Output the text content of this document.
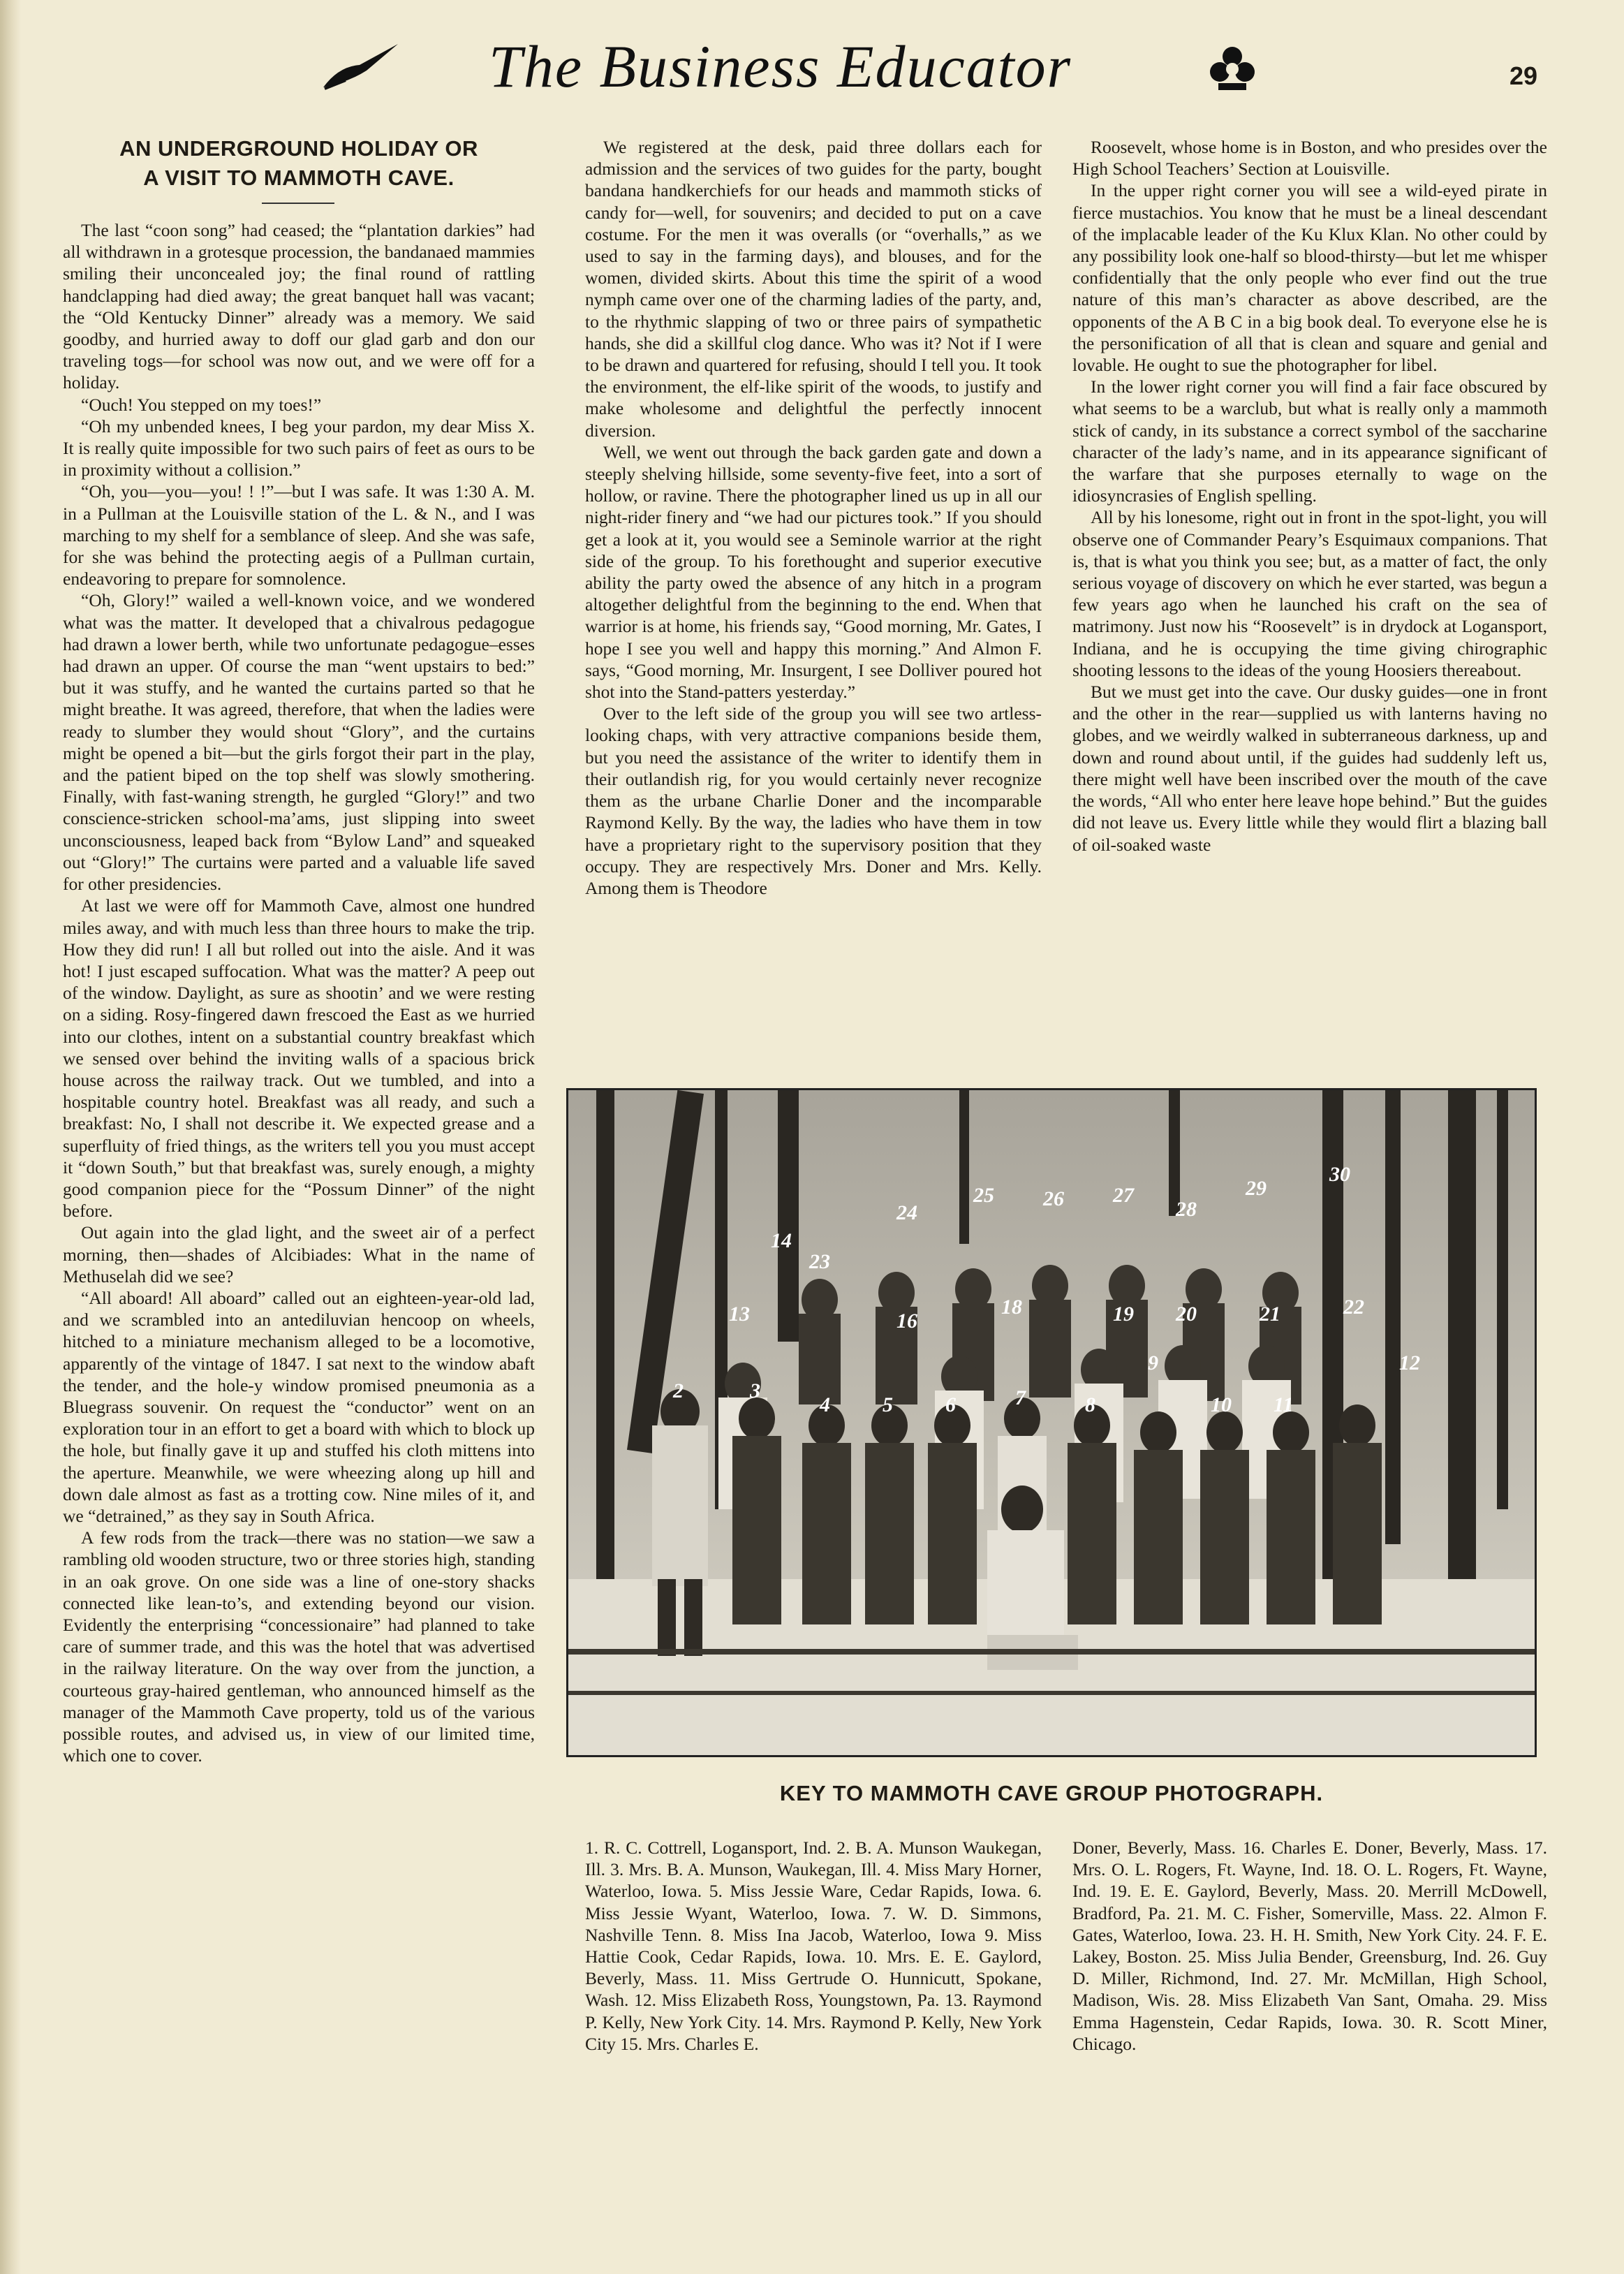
The Business Educator	29
AN UNDERGROUND HOLIDAY OR
A VISIT TO MAMMOTH CAVE.

The last “coon song” had ceased; the “plantation darkies” had all withdrawn in a grotesque procession, the bandanaed mammies smiling their unconcealed joy; the final round of rattling handclapping had died away; the great banquet hall was vacant; the “Old Kentucky Dinner” already was a memory. We said goodby, and hurried away to doff our glad garb and don our traveling togs—for school was now out, and we were off for a holiday.

“Ouch! You stepped on my toes!”

“Oh my unbended knees, I beg your pardon, my dear Miss X. It is really quite impossible for two such pairs of feet as ours to be in proximity without a collision.”

“Oh, you—you—you! ! !”—but I was safe. It was 1:30 A. M. in a Pullman at the Louisville station of the L. & N., and I was marching to my shelf for a semblance of sleep. And she was safe, for she was behind the protecting aegis of a Pullman curtain, endeavoring to prepare for somnolence.

“Oh, Glory!” wailed a well-known voice, and we wondered what was the matter. It developed that a chivalrous pedagogue had drawn a lower berth, while two unfortunate pedagogue–esses had drawn an upper. Of course the man “went upstairs to bed:” but it was stuffy, and he wanted the curtains parted so that he might breathe. It was agreed, therefore, that when the ladies were ready to slumber they would shout “Glory”, and the curtains might be opened a bit—but the girls forgot their part in the play, and the patient biped on the top shelf was slowly smothering. Finally, with fast-waning strength, he gurgled “Glory!” and two conscience-stricken school-ma’ams, just slipping into sweet unconsciousness, leaped back from “Bylow Land” and squeaked out “Glory!” The curtains were parted and a valuable life saved for other presidencies.

At last we were off for Mammoth Cave, almost one hundred miles away, and with much less than three hours to make the trip. How they did run! I all but rolled out into the aisle. And it was hot! I just escaped suffocation. What was the matter? A peep out of the window. Daylight, as sure as shootin’ and we were resting on a siding. Rosy-fingered dawn frescoed the East as we hurried into our clothes, intent on a substantial country breakfast which we sensed over behind the inviting walls of a spacious brick house across the railway track. Out we tumbled, and into a hospitable country hotel. Breakfast was all ready, and such a breakfast: No, I shall not describe it. We expected grease and a superfluity of fried things, as the writers tell you you must accept it “down South,” but that breakfast was, surely enough, a mighty good companion piece for the “Possum Dinner” of the night before.

Out again into the glad light, and the sweet air of a perfect morning, then—shades of Alcibiades: What in the name of Methuselah did we see?

“All aboard! All aboard” called out an eighteen-year-old lad, and we scrambled into an antediluvian hencoop on wheels, hitched to a miniature mechanism alleged to be a locomotive, apparently of the vintage of 1847. I sat next to the window abaft the tender, and the hole-y window promised pneumonia as a Bluegrass souvenir. On request the “conductor” went on an exploration tour in an effort to get a board with which to block up the hole, but finally gave it up and stuffed his cloth mittens into the aperture. Meanwhile, we were wheezing along up hill and down dale almost as fast as a trotting cow. Nine miles of it, and we “detrained,” as they say in South Africa.

A few rods from the track—there was no station—we saw a rambling old wooden structure, two or three stories high, standing in an oak grove. On one side was a line of one-story shacks connected like lean-to’s, and extending beyond our vision. Evidently the enterprising “concessionaire” had planned to take care of summer trade, and this was the hotel that was advertised in the railway literature. On the way over from the junction, a courteous gray-haired gentleman, who announced himself as the manager of the Mammoth Cave property, told us of the various possible routes, and advised us, in view of our limited time, which one to cover.

We registered at the desk, paid three dollars each for admission and the services of two guides for the party, bought bandana handkerchiefs for our heads and mammoth sticks of candy for—well, for souvenirs; and decided to put on a cave costume. For the men it was overalls (or “overhalls,” as we used to say in the farming days), and blouses, and for the women, divided skirts. About this time the spirit of a wood nymph came over one of the charming ladies of the party, and, to the rhythmic slapping of two or three pairs of sympathetic hands, she did a skillful clog dance. Who was it? Not if I were to be drawn and quartered for refusing, should I tell you. It took the environment, the elf-like spirit of the woods, to justify and make wholesome and delightful the perfectly innocent diversion.

Well, we went out through the back garden gate and down a steeply shelving hillside, some seventy-five feet, into a sort of hollow, or ravine. There the photographer lined us up in all our night-rider finery and “we had our pictures took.” If you should get a look at it, you would see a Seminole warrior at the right side of the group. To his forethought and superior executive ability the party owed the absence of any hitch in a program altogether delightful from the beginning to the end. When that warrior is at home, his friends say, “Good morning, Mr. Gates, I hope I see you well and happy this morning.” And Almon F. says, “Good morning, Mr. Insurgent, I see Dolliver poured hot shot into the Stand-patters yesterday.”

Over to the left side of the group you will see two artless-looking chaps, with very attractive companions beside them, but you need the assistance of the writer to identify them in their outlandish rig, for you would certainly never recognize them as the urbane Charlie Doner and the incomparable Raymond Kelly. By the way, the ladies who have them in tow have a proprietary right to the supervisory position that they occupy. They are respectively Mrs. Doner and Mrs. Kelly. Among them is Theodore

Roosevelt, whose home is in Boston, and who presides over the High School Teachers’ Section at Louisville.

In the upper right corner you will see a wild-eyed pirate in fierce mustachios. You know that he must be a lineal descendant of the implacable leader of the Ku Klux Klan. No other could by any possibility look one-half so blood-thirsty—but let me whisper confidentially that the only people who ever find out the true nature of this man’s character as above described, are the opponents of the A B C in a big book deal. To everyone else he is the personification of all that is clean and square and genial and lovable. He ought to sue the photographer for libel.

In the lower right corner you will find a fair face obscured by what seems to be a warclub, but what is really only a mammoth stick of candy, in its substance a correct symbol of the saccharine character of the lady’s name, and in its appearance significant of the warfare that she purposes eternally to wage on the idiosyncrasies of English spelling.

All by his lonesome, right out in front in the spot-light, you will observe one of Commander Peary’s Esquimaux companions. That is, that is what you think you see; but, as a matter of fact, the only serious voyage of discovery on which he ever started, was begun a few years ago when he launched his craft on the sea of matrimony. Just now his “Roosevelt” is in drydock at Logansport, Indiana, and he is occupying the time giving chirographic shooting lessons to the ideas of the young Hoosiers thereabout.

But we must get into the cave. Our dusky guides—one in front and the other in the rear—supplied us with lanterns having no globes, and we weirdly walked in subterraneous darkness, up and down and round about until, if the guides had suddenly left us, there might well have been inscribed over the mouth of the cave the words, “All who enter here leave hope behind.” But the guides did not leave us. Every little while they would flirt a blazing ball of oil-soaked waste

2	3
4	5	6	7	8
9
10 11
12
13
14
16
18	19 20	21	22
23
24
25 26 27
28
29
30
KEY TO MAMMOTH CAVE GROUP PHOTOGRAPH.

1. R. C. Cottrell, Logansport, Ind. 2. B. A. Munson Waukegan, Ill. 3. Mrs. B. A. Munson, Waukegan, Ill. 4. Miss Mary Horner, Waterloo, Iowa. 5. Miss Jessie Ware, Cedar Rapids, Iowa. 6. Miss Jessie Wyant, Waterloo, Iowa. 7. W. D. Simmons, Nashville Tenn. 8. Miss Ina Jacob, Waterloo, Iowa 9. Miss Hattie Cook, Cedar Rapids, Iowa. 10. Mrs. E. E. Gaylord, Beverly, Mass. 11. Miss Gertrude O. Hunnicutt, Spokane, Wash. 12. Miss Elizabeth Ross, Youngstown, Pa. 13. Raymond P. Kelly, New York City. 14. Mrs. Raymond P. Kelly, New York City 15. Mrs. Charles E.

Doner, Beverly, Mass. 16. Charles E. Doner, Beverly, Mass. 17. Mrs. O. L. Rogers, Ft. Wayne, Ind. 18. O. L. Rogers, Ft. Wayne, Ind. 19. E. E. Gaylord, Beverly, Mass. 20. Merrill McDowell, Bradford, Pa. 21. M. C. Fisher, Somerville, Mass. 22. Almon F. Gates, Waterloo, Iowa. 23. H. H. Smith, New York City. 24. F. E. Lakey, Boston. 25. Miss Julia Bender, Greensburg, Ind. 26. Guy D. Miller, Richmond, Ind. 27. Mr. McMillan, High School, Madison, Wis. 28. Miss Elizabeth Van Sant, Omaha. 29. Miss Emma Hagenstein, Cedar Rapids, Iowa. 30. R. Scott Miner, Chicago.
